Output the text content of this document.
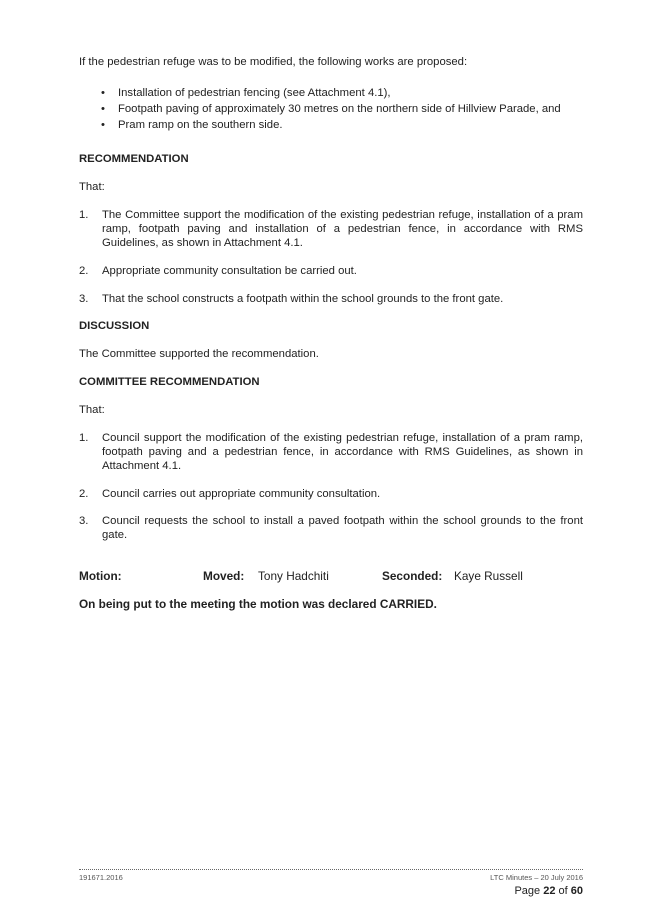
If the pedestrian refuge was to be modified, the following works are proposed:

• Installation of pedestrian fencing (see Attachment 4.1),
• Footpath paving of approximately 30 metres on the northern side of Hillview Parade, and
• Pram ramp on the southern side.

RECOMMENDATION

That:

1. The Committee support the modification of the existing pedestrian refuge, installation of a pram ramp, footpath paving and installation of a pedestrian fence, in accordance with RMS Guidelines, as shown in Attachment 4.1.
2. Appropriate community consultation be carried out.
3. That the school constructs a footpath within the school grounds to the front gate.

DISCUSSION

The Committee supported the recommendation.

COMMITTEE RECOMMENDATION

That:

1. Council support the modification of the existing pedestrian refuge, installation of a pram ramp, footpath paving and a pedestrian fence, in accordance with RMS Guidelines, as shown in Attachment 4.1.
2. Council carries out appropriate community consultation.
3. Council requests the school to install a paved footpath within the school grounds to the front gate.
Motion:	Moved: Tony Hadchiti	Seconded: Kaye Russell

On being put to the meeting the motion was declared CARRIED.

191671.2016	LTC Minutes – 20 July 2016
Page 22 of 60
